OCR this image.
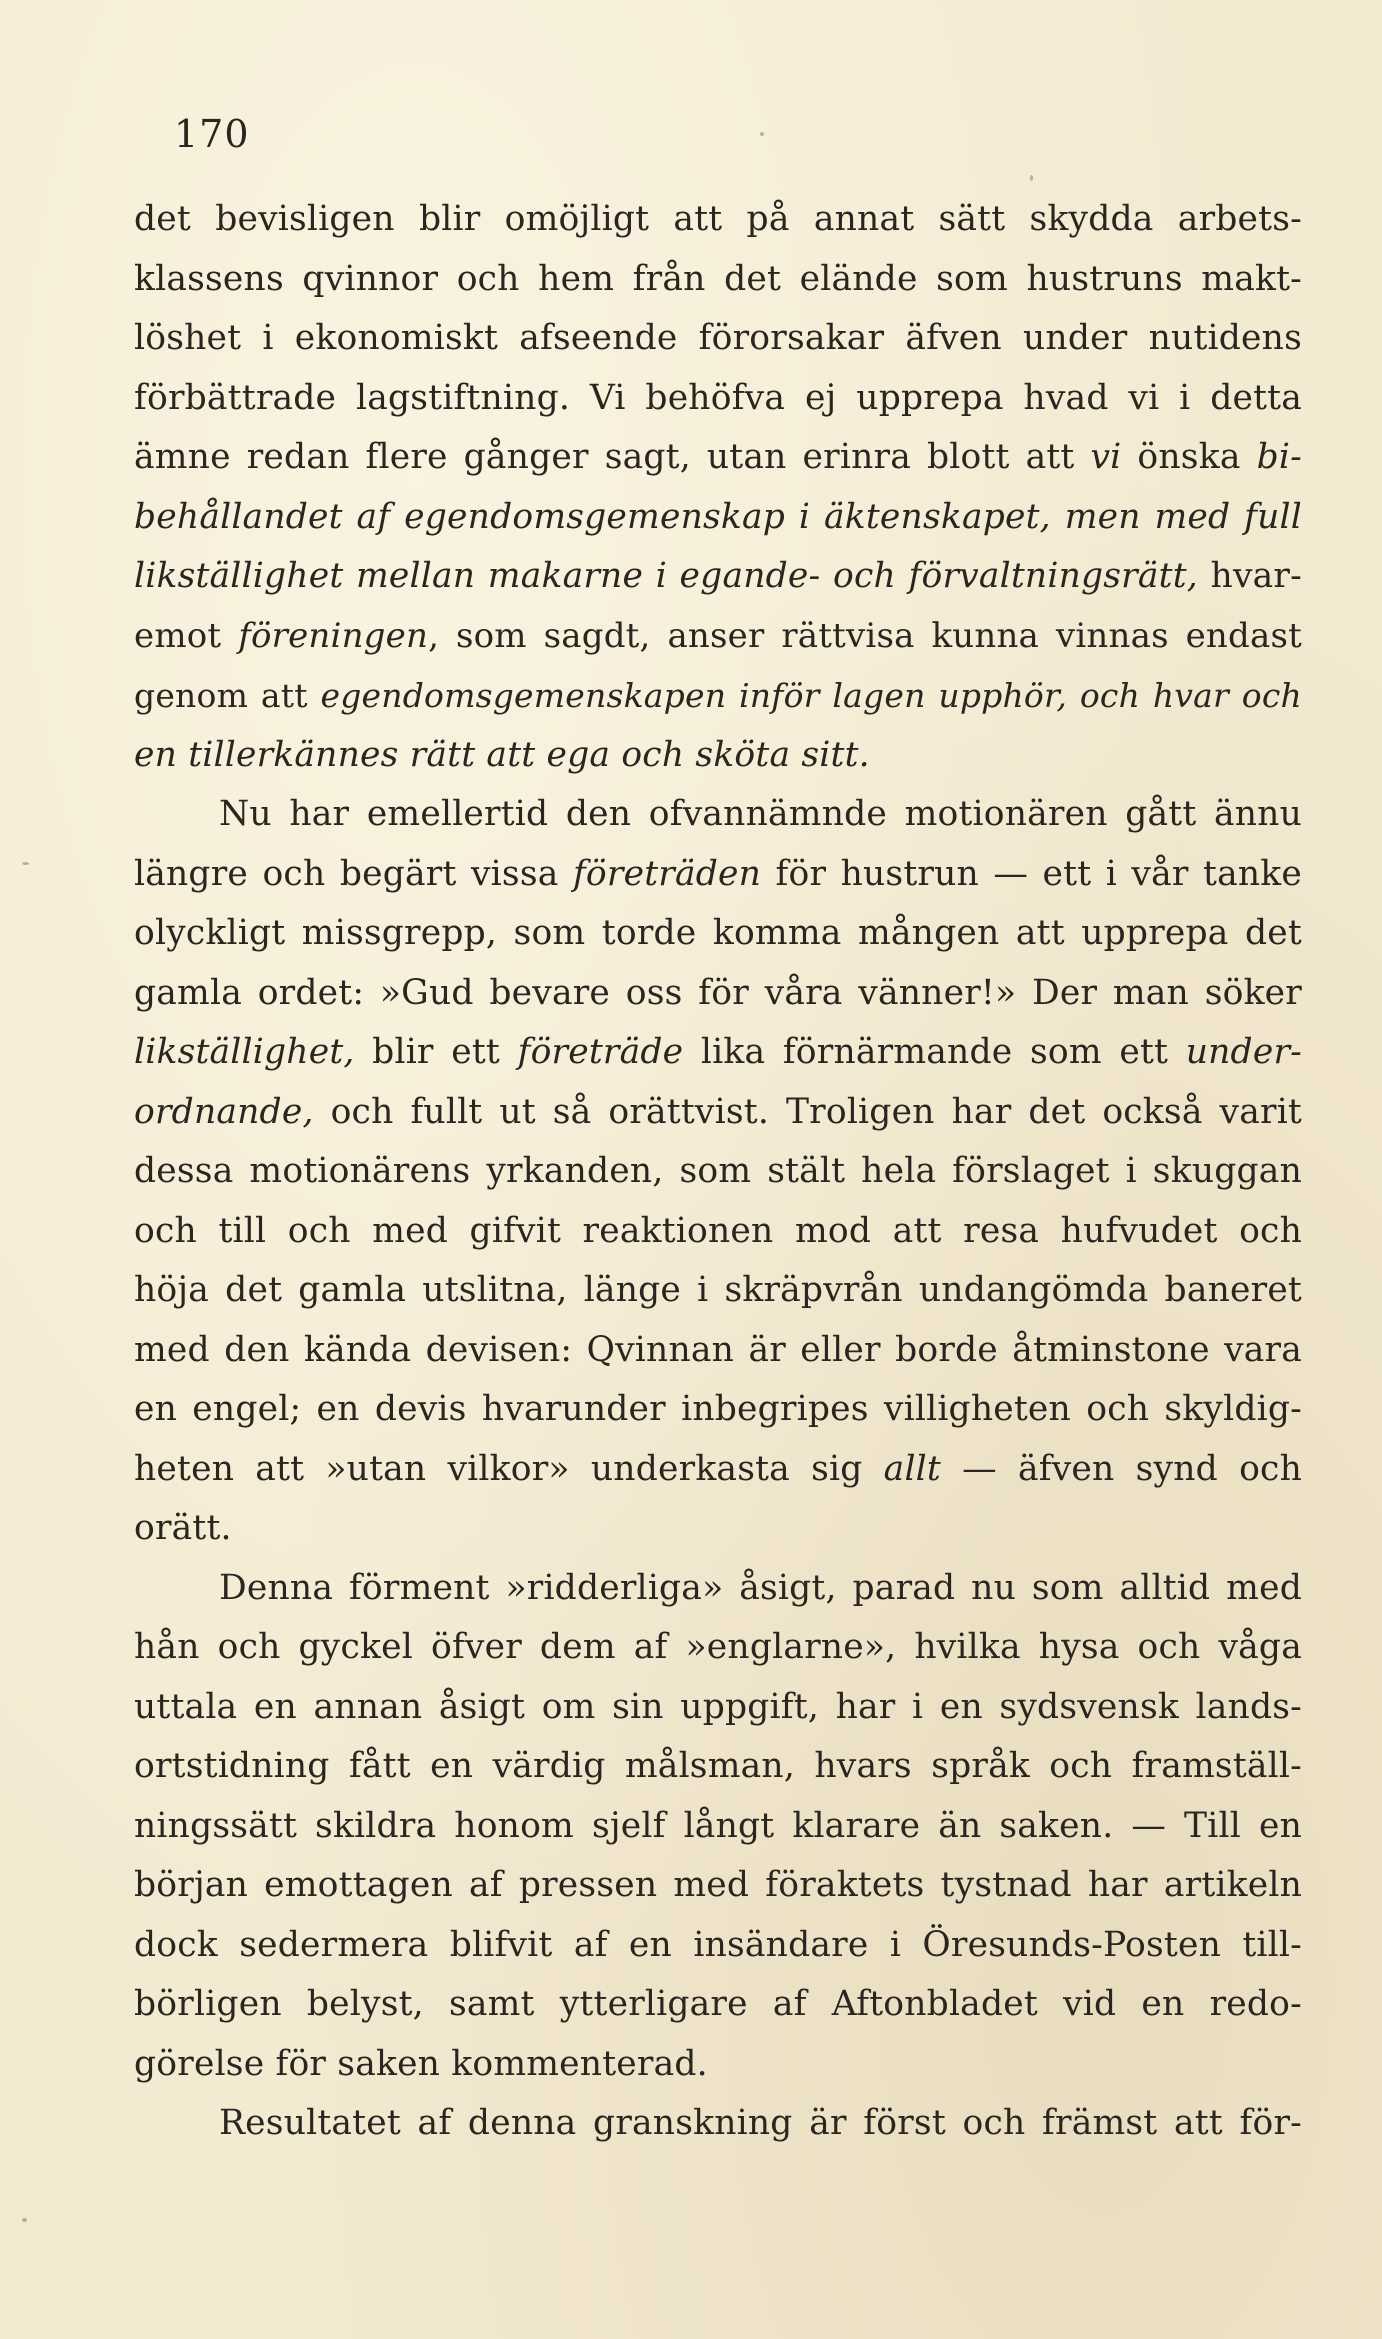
170
det bevisligen blir omöjligt att på annat sätt skydda arbets-
klassens qvinnor och hem från det elände som hustruns makt-
löshet i ekonomiskt afseende förorsakar äfven under nutidens
förbättrade lagstiftning. Vi behöfva ej upprepa hvad vi i detta
ämne redan flere gånger sagt, utan erinra blott att vi önska bi-
behållandet af egendomsgemenskap i äktenskapet, men med full
likställighet mellan makarne i egande- och förvaltningsrätt, hvar-
emot föreningen, som sagdt, anser rättvisa kunna vinnas endast
genom att egendomsgemenskapen inför lagen upphör, och hvar och
en tillerkännes rätt att ega och sköta sitt.
Nu har emellertid den ofvannämnde motionären gått ännu
längre och begärt vissa företräden för hustrun — ett i vår tanke
olyckligt missgrepp, som torde komma mången att upprepa det
gamla ordet: »Gud bevare oss för våra vänner!» Der man söker
likställighet, blir ett företräde lika förnärmande som ett under-
ordnande, och fullt ut så orättvist. Troligen har det också varit
dessa motionärens yrkanden, som stält hela förslaget i skuggan
och till och med gifvit reaktionen mod att resa hufvudet och
höja det gamla utslitna, länge i skräpvrån undangömda baneret
med den kända devisen: Qvinnan är eller borde åtminstone vara
en engel; en devis hvarunder inbegripes villigheten och skyldig-
heten att »utan vilkor» underkasta sig allt — äfven synd och
orätt.
Denna förment »ridderliga» åsigt, parad nu som alltid med
hån och gyckel öfver dem af »englarne», hvilka hysa och våga
uttala en annan åsigt om sin uppgift, har i en sydsvensk lands-
ortstidning fått en värdig målsman, hvars språk och framställ-
ningssätt skildra honom sjelf långt klarare än saken. — Till en
början emottagen af pressen med föraktets tystnad har artikeln
dock sedermera blifvit af en insändare i Öresunds-Posten till-
börligen belyst, samt ytterligare af Aftonbladet vid en redo-
görelse för saken kommenterad.
Resultatet af denna granskning är först och främst att för-
